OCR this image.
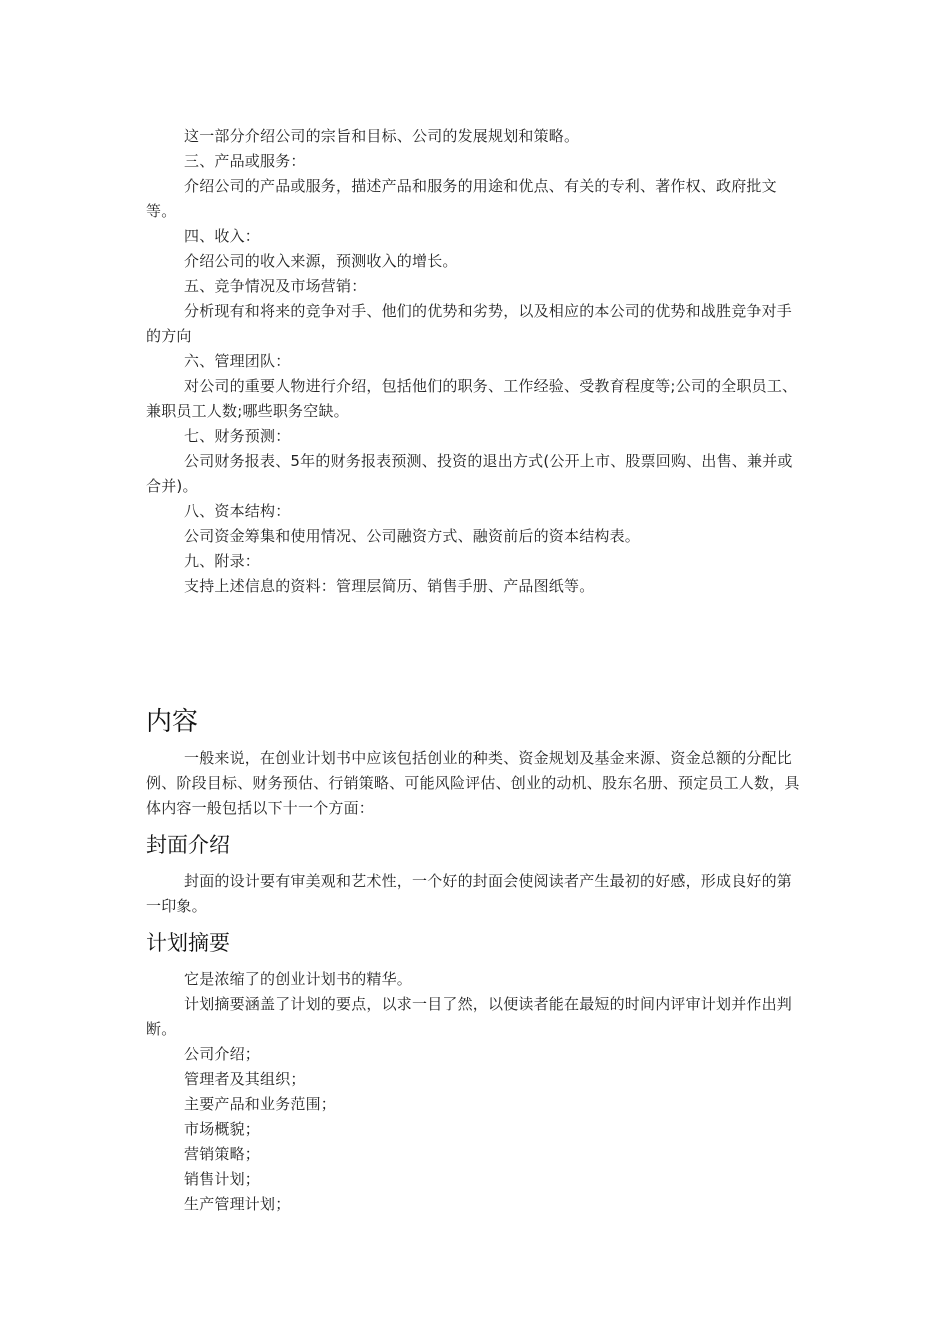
这一部分介绍公司的宗旨和目标、公司的发展规划和策略。

三、产品或服务：

介绍公司的产品或服务，描述产品和服务的用途和优点、有关的专利、著作权、政府批文等。

四、收入：

介绍公司的收入来源，预测收入的增长。

五、竞争情况及市场营销：

分析现有和将来的竞争对手、他们的优势和劣势，以及相应的本公司的优势和战胜竞争对手的方向

六、管理团队：

对公司的重要人物进行介绍，包括他们的职务、工作经验、受教育程度等;公司的全职员工、兼职员工人数;哪些职务空缺。

七、财务预测：

公司财务报表、5年的财务报表预测、投资的退出方式(公开上市、股票回购、出售、兼并或合并)。

八、资本结构：

公司资金筹集和使用情况、公司融资方式、融资前后的资本结构表。

九、附录：

支持上述信息的资料：管理层简历、销售手册、产品图纸等。

内容

一般来说，在创业计划书中应该包括创业的种类、资金规划及基金来源、资金总额的分配比例、阶段目标、财务预估、行销策略、可能风险评估、创业的动机、股东名册、预定员工人数，具体内容一般包括以下十一个方面：

封面介绍

封面的设计要有审美观和艺术性，一个好的封面会使阅读者产生最初的好感，形成良好的第一印象。

计划摘要

它是浓缩了的创业计划书的精华。

计划摘要涵盖了计划的要点，以求一目了然，以便读者能在最短的时间内评审计划并作出判断。

公司介绍；

管理者及其组织；

主要产品和业务范围；

市场概貌；

营销策略；

销售计划；

生产管理计划；
